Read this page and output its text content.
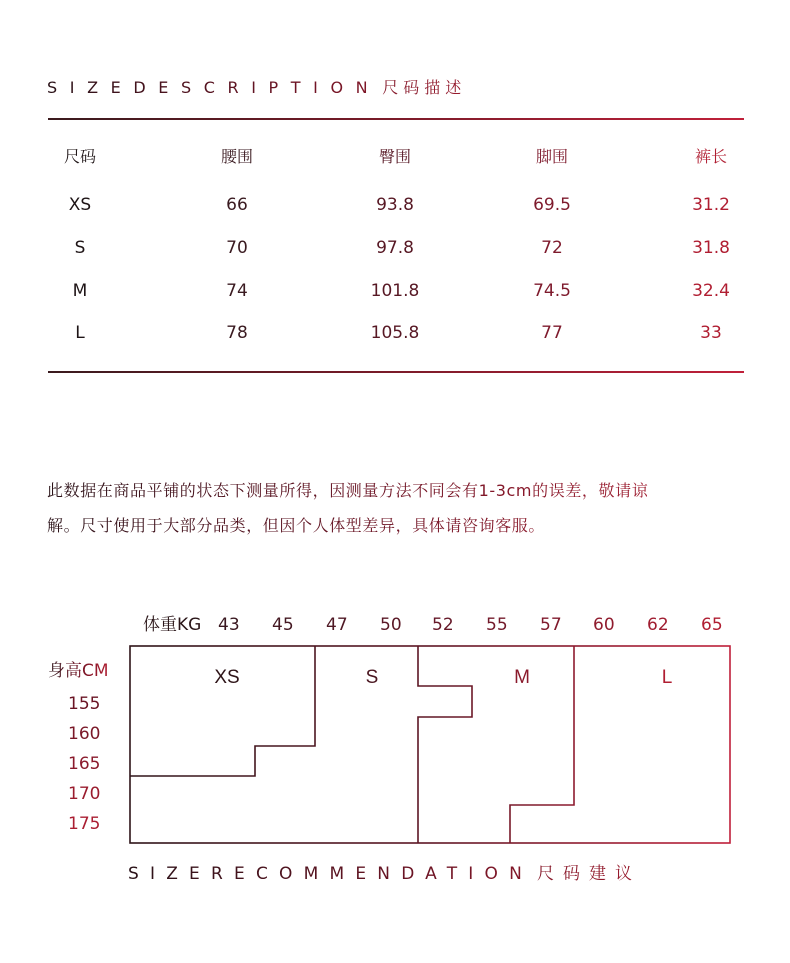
SIZEDESCRIPTION 尺码描述
尺码	腰围	臀围	脚围	裤长
XS	66	93.8	69.5	31.2
S	70	97.8	72	31.8
M	74	101.8	74.5	32.4
L	78	105.8	77	33
此数据在商品平铺的状态下测量所得，因测量方法不同会有1-3cm的误差，敬请谅
解。尺寸使用于大部分品类，但因个人体型差异，具体请咨询客服。
体重KG 43 45 47 50 52 55 57 60 62 65
身高CM
155
160
165
170
175
XS	S	M	L
SIZERECOMMENDATION 尺码建议
